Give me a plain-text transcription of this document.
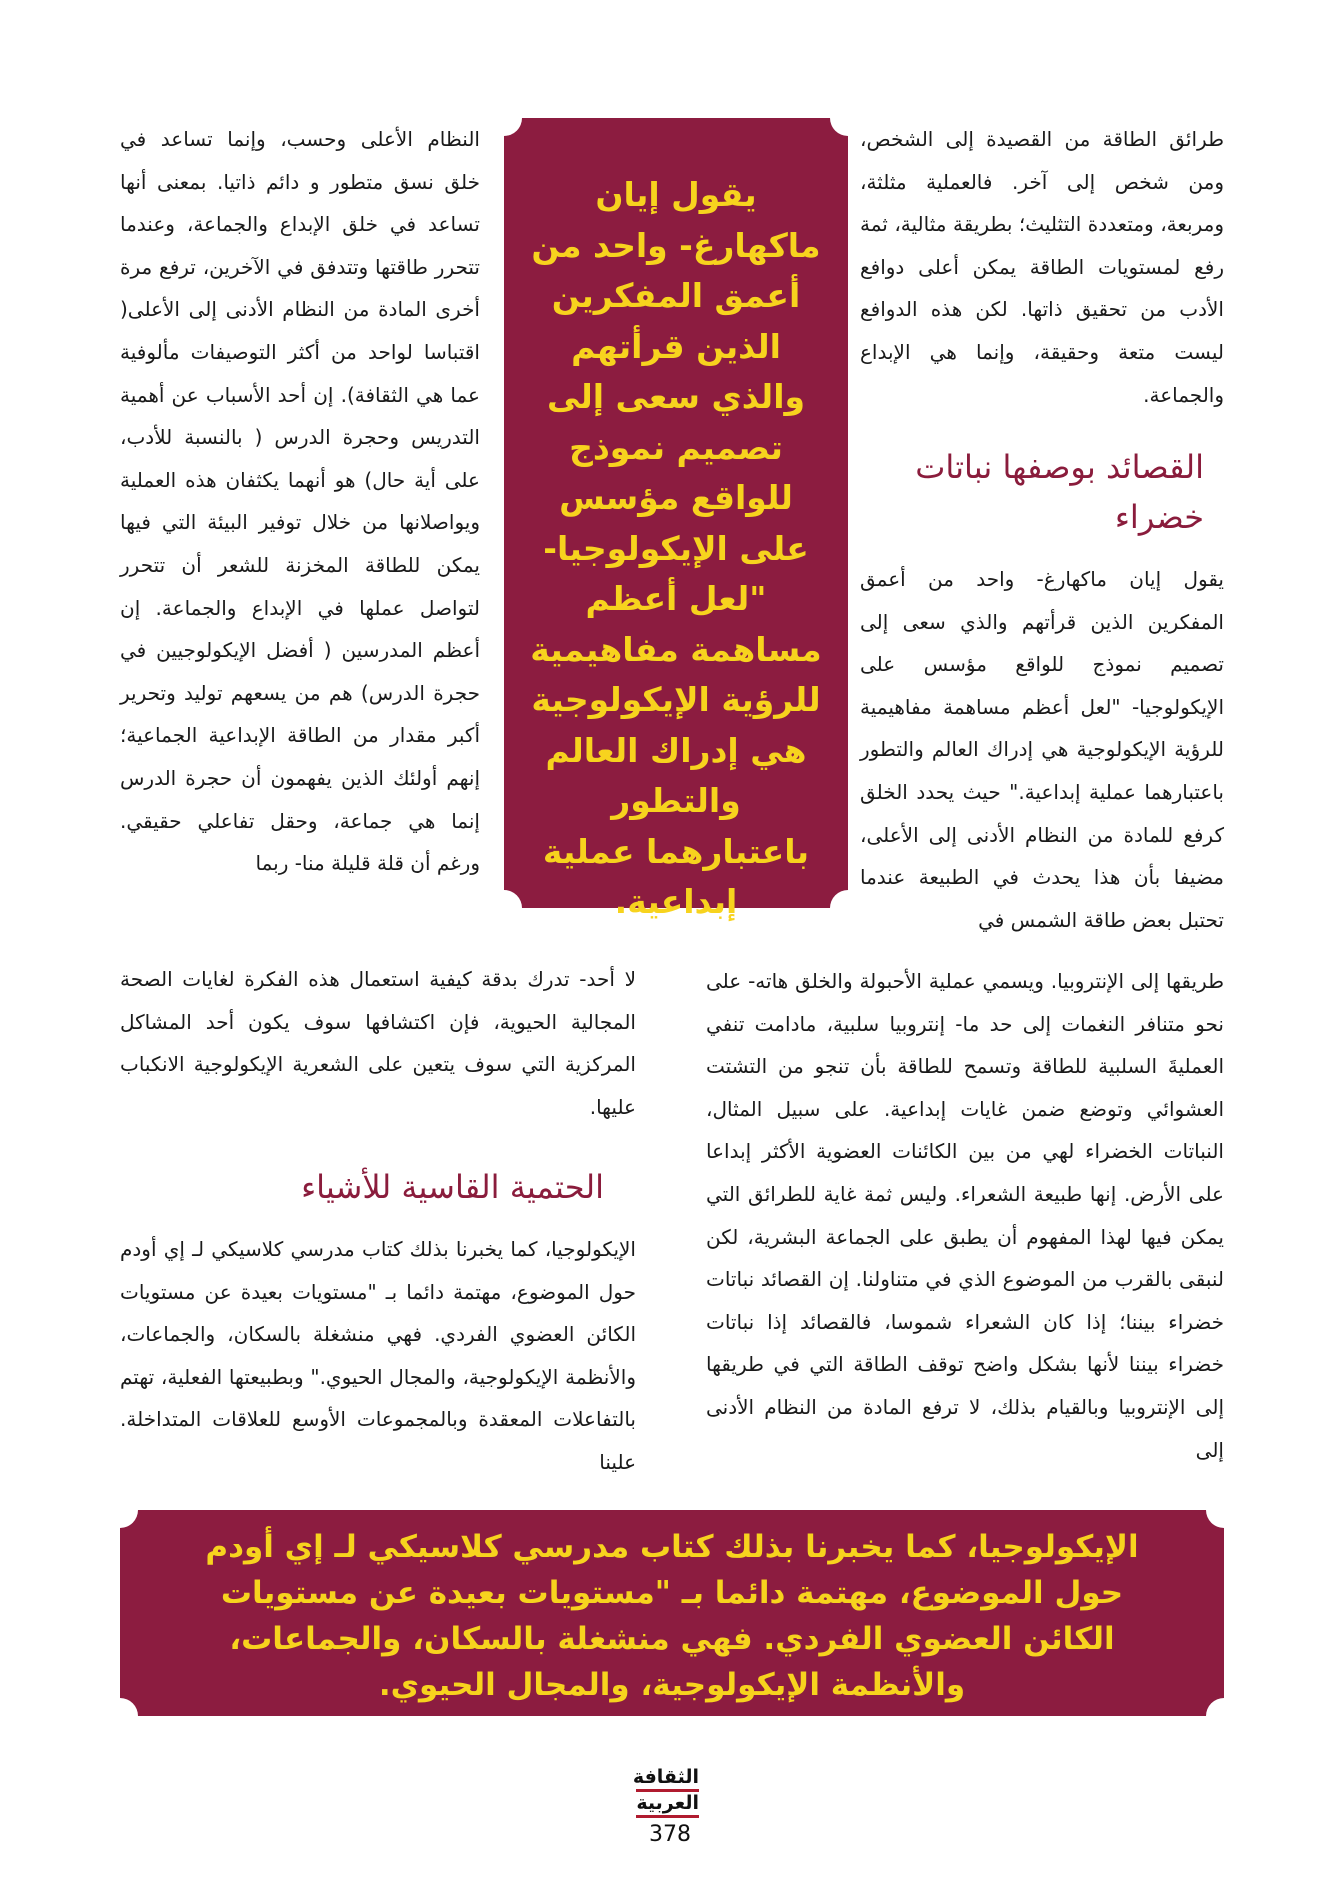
طرائق الطاقة من القصيدة إلى الشخص، ومن شخص إلى آخر. فالعملية مثلثة، ومربعة، ومتعددة التثليث؛ بطريقة مثالية، ثمة رفع لمستويات الطاقة يمكن أعلى دوافع الأدب من تحقيق ذاتها. لكن هذه الدوافع ليست متعة وحقيقة، وإنما هي الإبداع والجماعة.

القصائد بوصفها نباتات خضراء

يقول إيان ماكهارغ- واحد من أعمق المفكرين الذين قرأتهم والذي سعى إلى تصميم نموذج للواقع مؤسس على الإيكولوجيا- "لعل أعظم مساهمة مفاهيمية للرؤية الإيكولوجية هي إدراك العالم والتطور باعتبارهما عملية إبداعية." حيث يحدد الخلق كرفع للمادة من النظام الأدنى إلى الأعلى، مضيفا بأن هذا يحدث في الطبيعة عندما تحتبل بعض طاقة الشمس في

طريقها إلى الإنتروبيا. ويسمي عملية الأحبولة والخلق هاته- على نحو متنافر النغمات إلى حد ما- إنتروبيا سلبية، مادامت تنفي العمليةَ السلبية للطاقة وتسمح للطاقة بأن تنجو من التشتت العشوائي وتوضع ضمن غايات إبداعية. على سبيل المثال، النباتات الخضراء لهي من بين الكائنات العضوية الأكثر إبداعا على الأرض. إنها طبيعة الشعراء. وليس ثمة غاية للطرائق التي يمكن فيها لهذا المفهوم أن يطبق على الجماعة البشرية، لكن لنبقى بالقرب من الموضوع الذي في متناولنا. إن القصائد نباتات خضراء بيننا؛ إذا كان الشعراء شموسا، فالقصائد إذا نباتات خضراء بيننا لأنها بشكل واضح توقف الطاقة التي في طريقها إلى الإنتروبيا وبالقيام بذلك، لا ترفع المادة من النظام الأدنى إلى

يقول إيان ماكهارغ- واحد من أعمق المفكرين الذين قرأتهم والذي سعى إلى تصميم نموذج للواقع مؤسس على الإيكولوجيا- "لعل أعظم مساهمة مفاهيمية للرؤية الإيكولوجية هي إدراك العالم والتطور باعتبارهما عملية إبداعية.

النظام الأعلى وحسب، وإنما تساعد في خلق نسق متطور و دائم ذاتيا. بمعنى أنها تساعد في خلق الإبداع والجماعة، وعندما تتحرر طاقتها وتتدفق في الآخرين، ترفع مرة أخرى المادة من النظام الأدنى إلى الأعلى( اقتباسا لواحد من أكثر التوصيفات مألوفية عما هي الثقافة). إن أحد الأسباب عن أهمية التدريس وحجرة الدرس ( بالنسبة للأدب، على أية حال) هو أنهما يكثفان هذه العملية ويواصلانها من خلال توفير البيئة التي فيها يمكن للطاقة المخزنة للشعر أن تتحرر لتواصل عملها في الإبداع والجماعة. إن أعظم المدرسين ( أفضل الإيكولوجيين في حجرة الدرس) هم من يسعهم توليد وتحرير أكبر مقدار من الطاقة الإبداعية الجماعية؛ إنهم أولئك الذين يفهمون أن حجرة الدرس إنما هي جماعة، وحقل تفاعلي حقيقي. ورغم أن قلة قليلة منا- ربما

لا أحد- تدرك بدقة كيفية استعمال هذه الفكرة لغايات الصحة المجالية الحيوية، فإن اكتشافها سوف يكون أحد المشاكل المركزية التي سوف يتعين على الشعرية الإيكولوجية الانكباب عليها.

الحتمية القاسية للأشياء

الإيكولوجيا، كما يخبرنا بذلك كتاب مدرسي كلاسيكي لـ إي أودم حول الموضوع، مهتمة دائما بـ "مستويات بعيدة عن مستويات الكائن العضوي الفردي. فهي منشغلة بالسكان، والجماعات، والأنظمة الإيكولوجية، والمجال الحيوي." وبطبيعتها الفعلية، تهتم بالتفاعلات المعقدة وبالمجموعات الأوسع للعلاقات المتداخلة. علينا

الإيكولوجيا، كما يخبرنا بذلك كتاب مدرسي كلاسيكي لـ إي أودم حول الموضوع، مهتمة دائما بـ "مستويات بعيدة عن مستويات الكائن العضوي الفردي. فهي منشغلة بالسكان، والجماعات، والأنظمة الإيكولوجية، والمجال الحيوي.
الثقافة
العربية
378
